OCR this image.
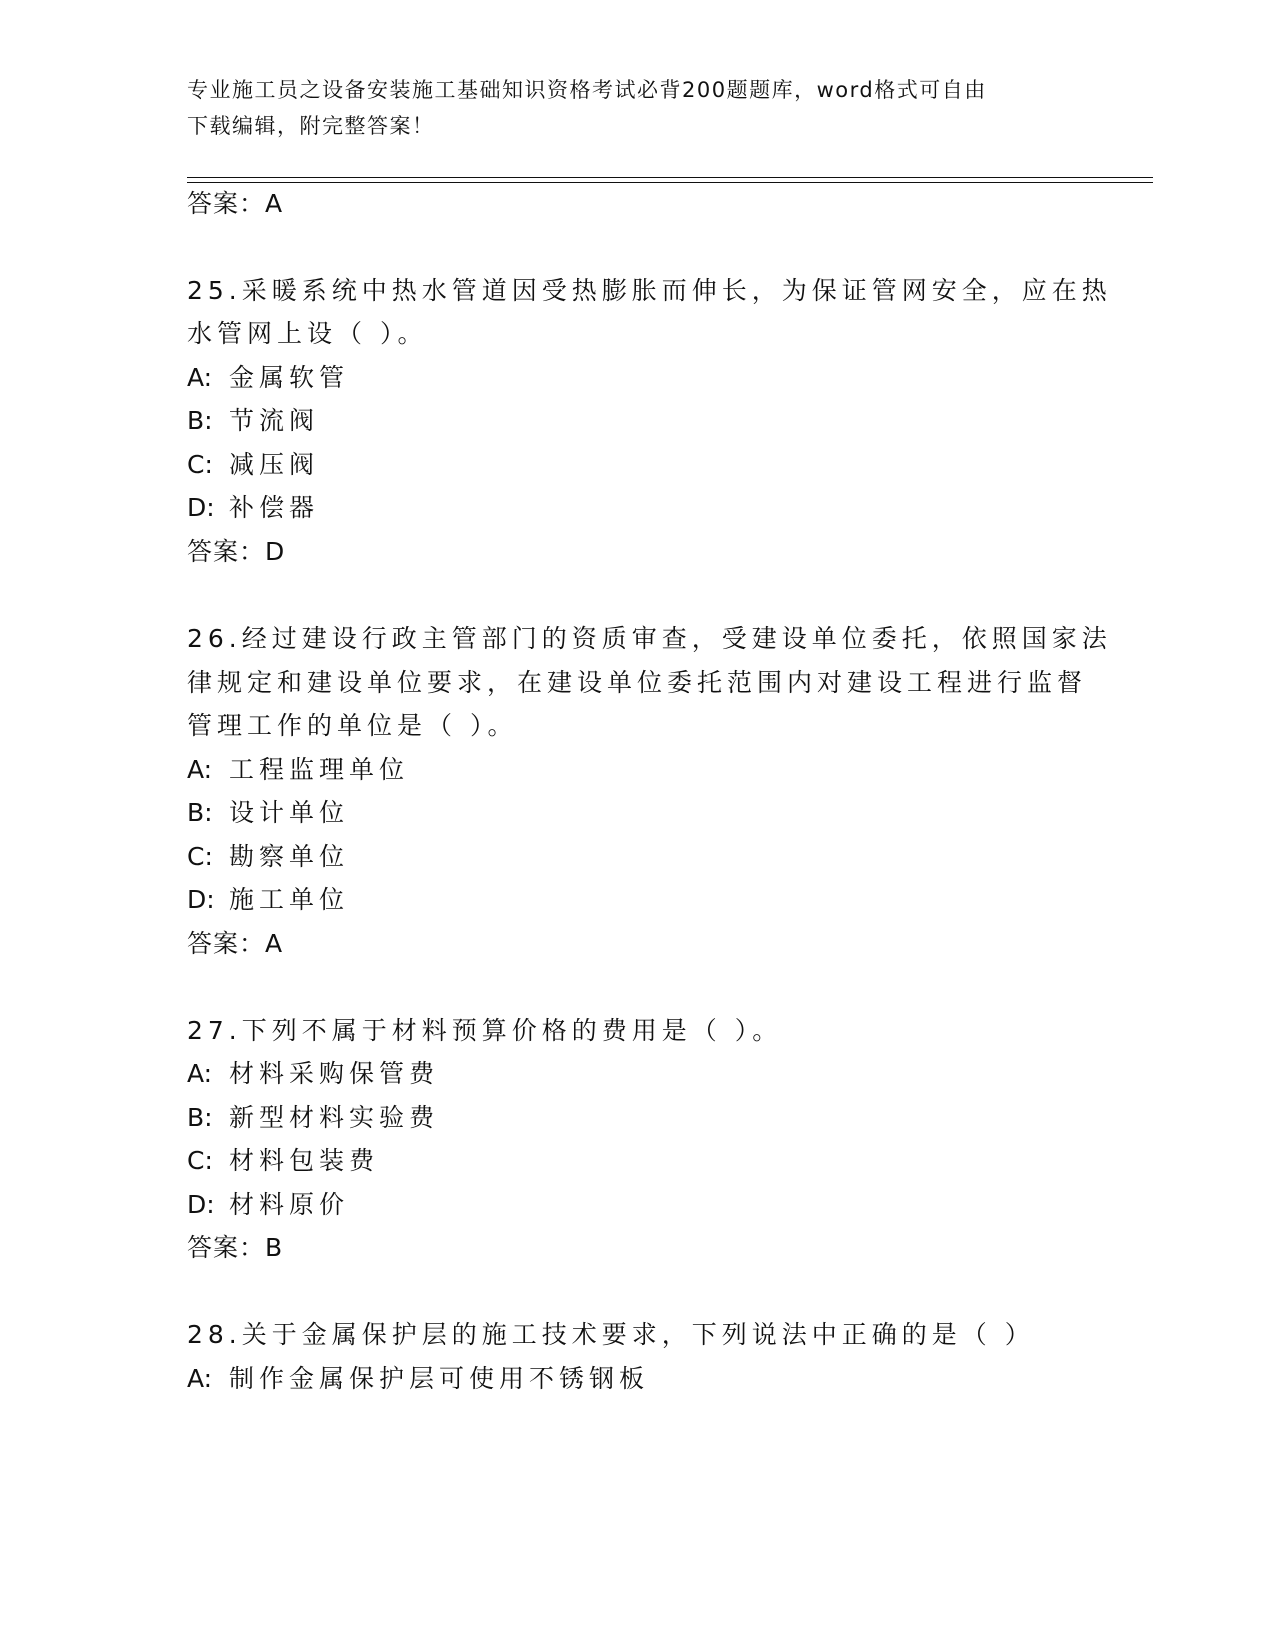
专业施工员之设备安装施工基础知识资格考试必背200题题库，word格式可自由
下载编辑，附完整答案！
答案：A
25.采暖系统中热水管道因受热膨胀而伸长，为保证管网安全，应在热
水管网上设（ ）。
A: 金属软管
B: 节流阀
C: 减压阀
D: 补偿器
答案：D
26.经过建设行政主管部门的资质审查，受建设单位委托，依照国家法
律规定和建设单位要求，在建设单位委托范围内对建设工程进行监督
管理工作的单位是（ ）。
A: 工程监理单位
B: 设计单位
C: 勘察单位
D: 施工单位
答案：A
27.下列不属于材料预算价格的费用是（ ）。
A: 材料采购保管费
B: 新型材料实验费
C: 材料包装费
D: 材料原价
答案：B
28.关于金属保护层的施工技术要求，下列说法中正确的是（ ）
A: 制作金属保护层可使用不锈钢板
